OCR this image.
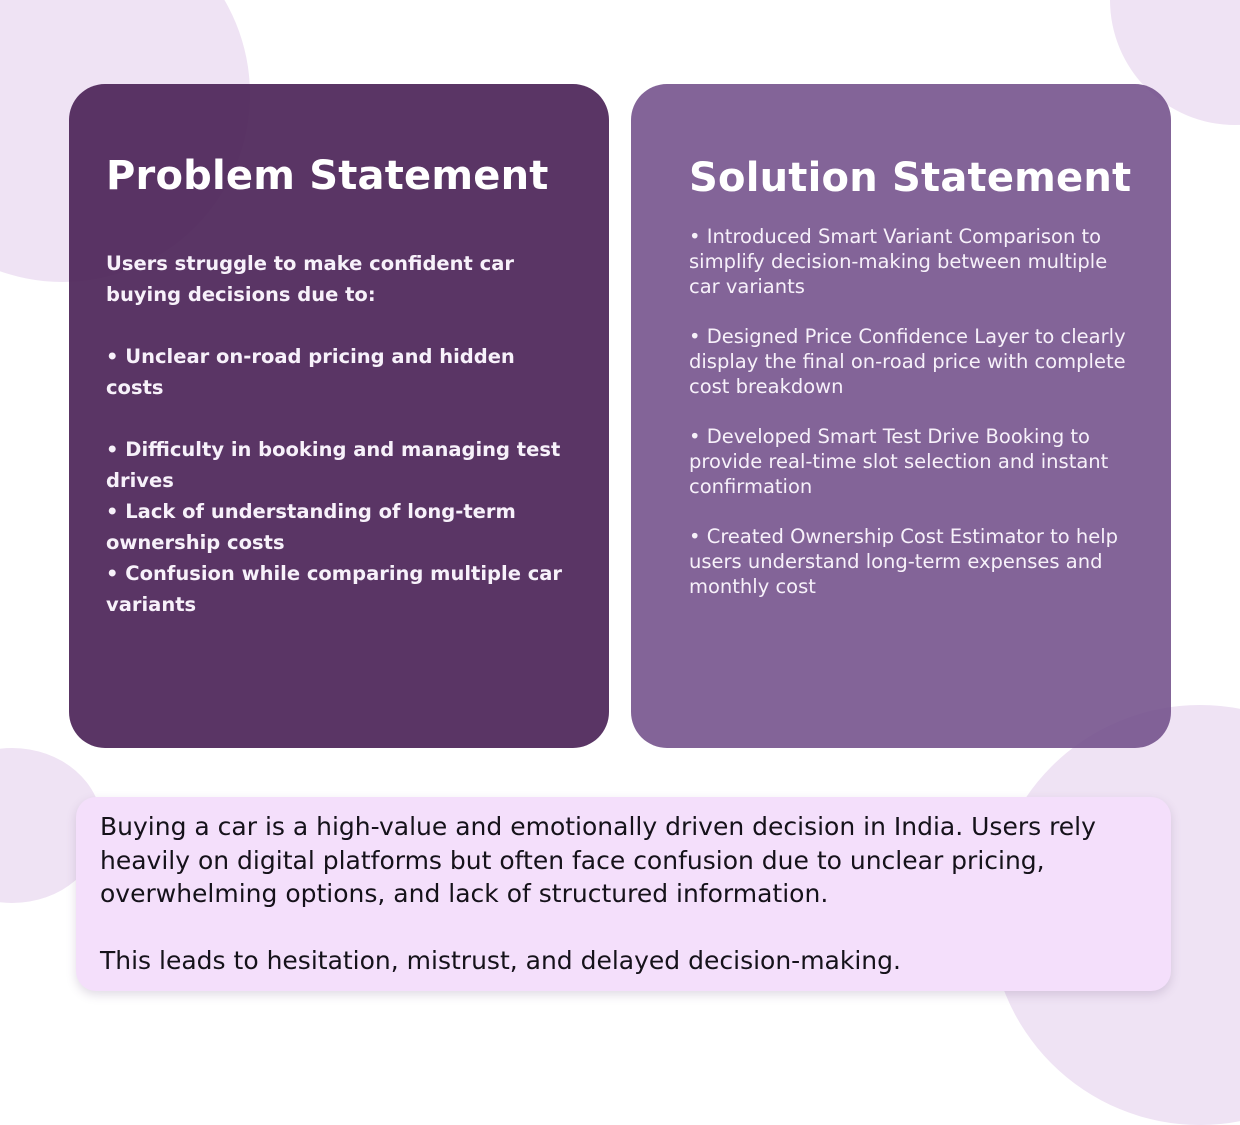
Problem Statement

Users struggle to make confident car buying decisions due to:

• Unclear on-road pricing and hidden costs

• Difficulty in booking and managing test drives

• Lack of understanding of long-term ownership costs

• Confusion while comparing multiple car variants

Solution Statement

• Introduced Smart Variant Comparison to simplify decision-making between multiple car variants

• Designed Price Confidence Layer to clearly display the final on-road price with complete cost breakdown

• Developed Smart Test Drive Booking to provide real-time slot selection and instant confirmation

• Created Ownership Cost Estimator to help users understand long-term expenses and monthly cost

Buying a car is a high-value and emotionally driven decision in India. Users rely heavily on digital platforms but often face confusion due to unclear pricing, overwhelming options, and lack of structured information.

This leads to hesitation, mistrust, and delayed decision-making.
